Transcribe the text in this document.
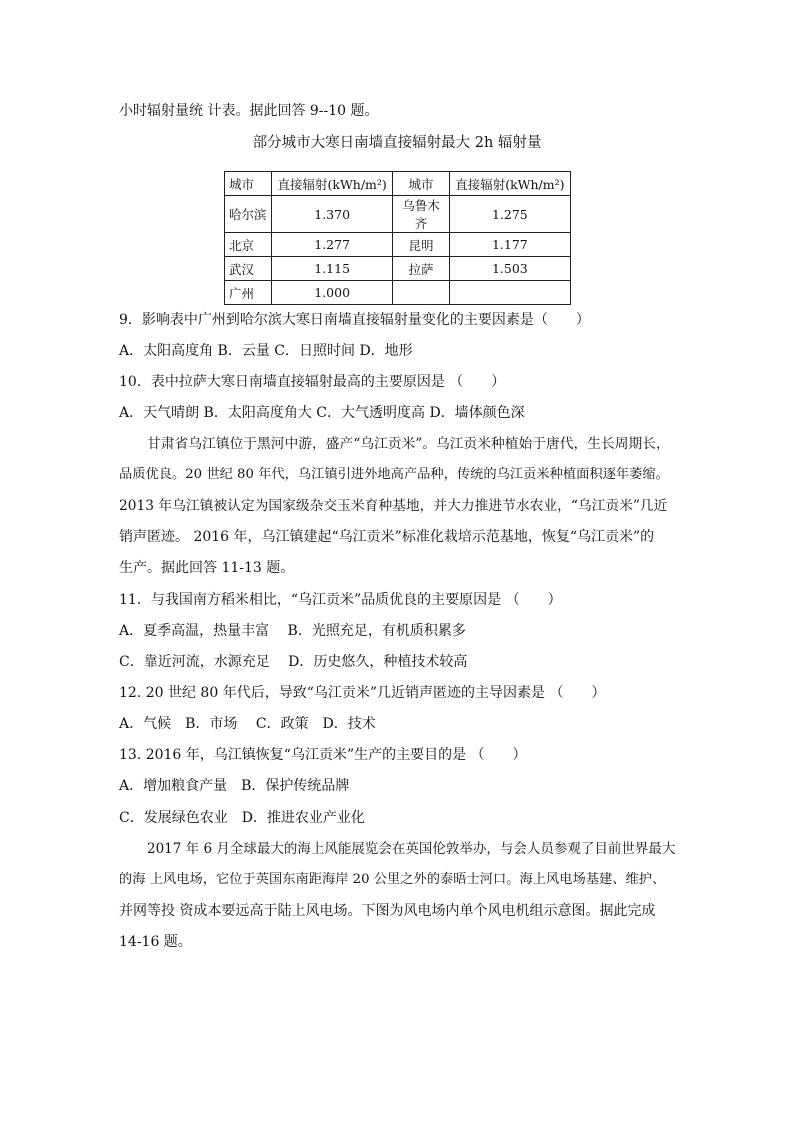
小时辐射量统 计表。据此回答 9--10 题。
部分城市大寒日南墙直接辐射最大 2h 辐射量
城市	直接辐射(kWh/m²)	城市	直接辐射(kWh/m²)
哈尔滨	1.370	乌鲁木齐	1.275
北京	1.277	昆明	1.177
武汉	1.115	拉萨	1.503
广州	1.000		
9．影响表中广州到哈尔滨大寒日南墙直接辐射量变化的主要因素是（　　）
A．太阳高度角 B．云量 C．日照时间 D．地形
10．表中拉萨大寒日南墙直接辐射最高的主要原因是 （　　）
A．天气晴朗 B．太阳高度角大 C．大气透明度高 D．墙体颜色深
甘肃省乌江镇位于黑河中游，盛产“乌江贡米”。乌江贡米种植始于唐代，生长周期长，
品质优良。20 世纪 80 年代，乌江镇引进外地高产品种，传统的乌江贡米种植面积逐年萎缩。
2013 年乌江镇被认定为国家级杂交玉米育种基地，并大力推进节水农业，“乌江贡米”几近
销声匿迹。 2016 年，乌江镇建起“乌江贡米”标准化栽培示范基地，恢复“乌江贡米”的
生产。据此回答 11-13 题。
11．与我国南方稻米相比，“乌江贡米”品质优良的主要原因是 （　　）
A．夏季高温，热量丰富　 B．光照充足，有机质积累多
C．靠近河流，水源充足　 D．历史悠久，种植技术较高
12. 20 世纪 80 年代后，导致“乌江贡米”几近销声匿迹的主导因素是 （　　）
A．气候　B．市场　 C．政策　D．技术
13. 2016 年，乌江镇恢复“乌江贡米”生产的主要目的是 （　　）
A．增加粮食产量　B．保护传统品牌
C．发展绿色农业　D．推进农业产业化
2017 年 6 月全球最大的海上风能展览会在英国伦敦举办，与会人员参观了目前世界最大
的海 上风电场，它位于英国东南距海岸 20 公里之外的泰晤士河口。海上风电场基建、维护、
并网等投 资成本要远高于陆上风电场。下图为风电场内单个风电机组示意图。据此完成
14-16 题。
